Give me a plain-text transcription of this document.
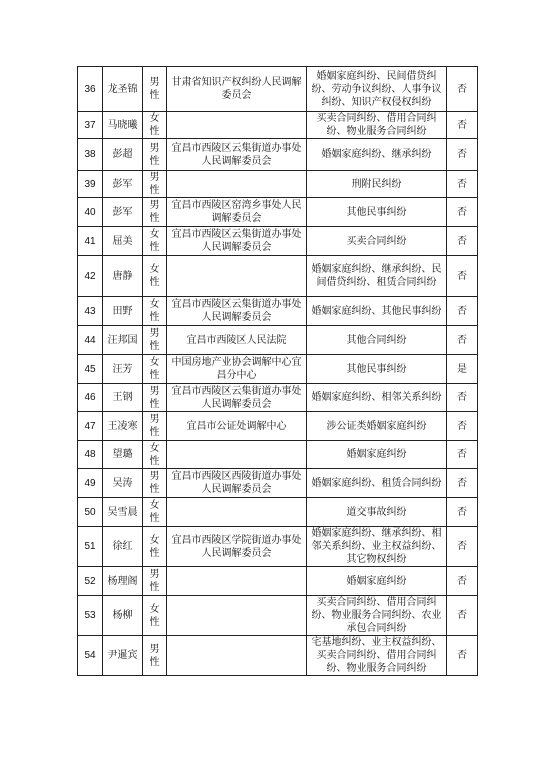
36	龙圣锦	男性	甘肃省知识产权纠纷人民调解委员会	婚姻家庭纠纷、民间借贷纠纷、劳动争议纠纷、人事争议纠纷、知识产权侵权纠纷	否
37	马晓曦	女性		买卖合同纠纷、借用合同纠纷、物业服务合同纠纷	否
38	彭超	男性	宜昌市西陵区云集街道办事处人民调解委员会	婚姻家庭纠纷、继承纠纷	否
39	彭军	男性		刑附民纠纷	否
40	彭军	男性	宜昌市西陵区窑湾乡事处人民调解委员会	其他民事纠纷	否
41	屈美	女性	宜昌市西陵区云集街道办事处人民调解委员会	买卖合同纠纷	否
42	唐静	女性		婚姻家庭纠纷、继承纠纷、民间借贷纠纷、租赁合同纠纷	否
43	田野	女性	宜昌市西陵区云集街道办事处人民调解委员会	婚姻家庭纠纷、其他民事纠纷	否
44	汪邦国	男性	宜昌市西陵区人民法院	其他合同纠纷	否
45	汪芳	女性	中国房地产业协会调解中心宜昌分中心	其他民事纠纷	是
46	王钢	男性	宜昌市西陵区云集街道办事处人民调解委员会	婚姻家庭纠纷、相邻关系纠纷	否
47	王凌寒	男性	宜昌市公证处调解中心	涉公证类婚姻家庭纠纷	否
48	望璐	女性		婚姻家庭纠纷	否
49	吴涛	男性	宜昌市西陵区西陵街道办事处人民调解委员会	婚姻家庭纠纷、租赁合同纠纷	否
50	吴雪晨	女性		道交事故纠纷	否
51	徐红	女性	宜昌市西陵区学院街道办事处人民调解委员会	婚姻家庭纠纷、继承纠纷、相邻关系纠纷、业主权益纠纷、其它物权纠纷	否
52	杨理阁	男性		婚姻家庭纠纷	否
53	杨柳	女性		买卖合同纠纷、借用合同纠纷、物业服务合同纠纷、农业承包合同纠纷	否
54	尹暹宾	男性		宅基地纠纷、业主权益纠纷、买卖合同纠纷、借用合同纠纷、物业服务合同纠纷	否
